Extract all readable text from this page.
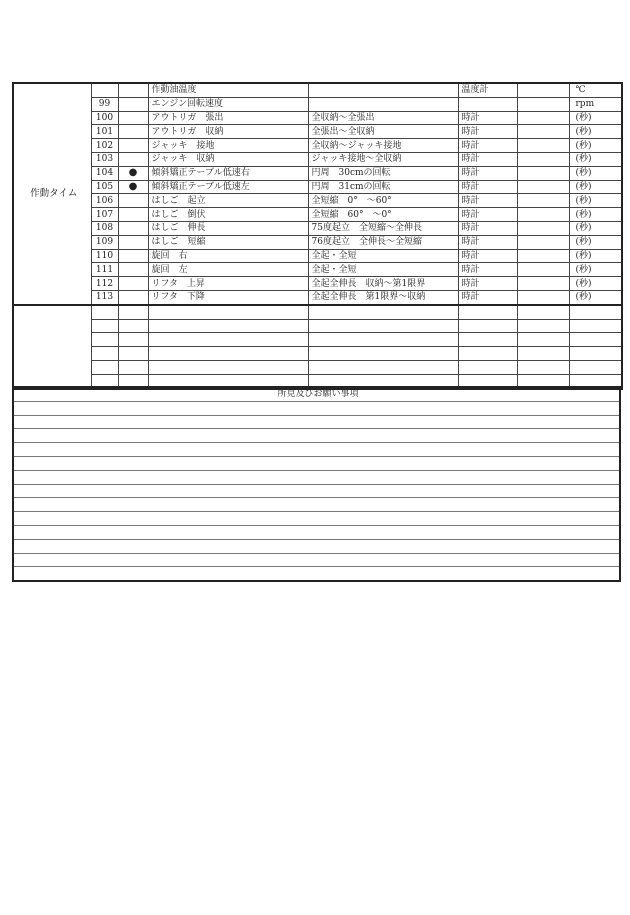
作動タイム			作動油温度		温度計		℃
	99		エンジン回転速度				rpm
	100		アウトリガ　張出	全収納～全張出	時計		(秒)
	101		アウトリガ　収納	全張出～全収納	時計		(秒)
	102		ジャッキ　接地	全収納～ジャッキ接地	時計		(秒)
	103		ジャッキ　収納	ジャッキ接地～全収納	時計		(秒)
	104	●	傾斜矯正テーブル低速右	円周　30cmの回転	時計		(秒)
	105	●	傾斜矯正テーブル低速左	円周　31cmの回転	時計		(秒)
	106		はしご　起立	全短縮　0°　～60°	時計		(秒)
	107		はしご　倒伏	全短縮　60°　～0°	時計		(秒)
	108		はしご　伸長	75度起立　全短縮～全伸長	時計		(秒)
	109		はしご　短縮	76度起立　全伸長～全短縮	時計		(秒)
	110		旋回　右	全起・全短	時計		(秒)
	111		旋回　左	全起・全短	時計		(秒)
	112		リフタ　上昇	全起全伸長　収納～第1限界	時計		(秒)
	113		リフタ　下降	全起全伸長　第1限界～収納	時計		(秒)

所見及びお願い事項
